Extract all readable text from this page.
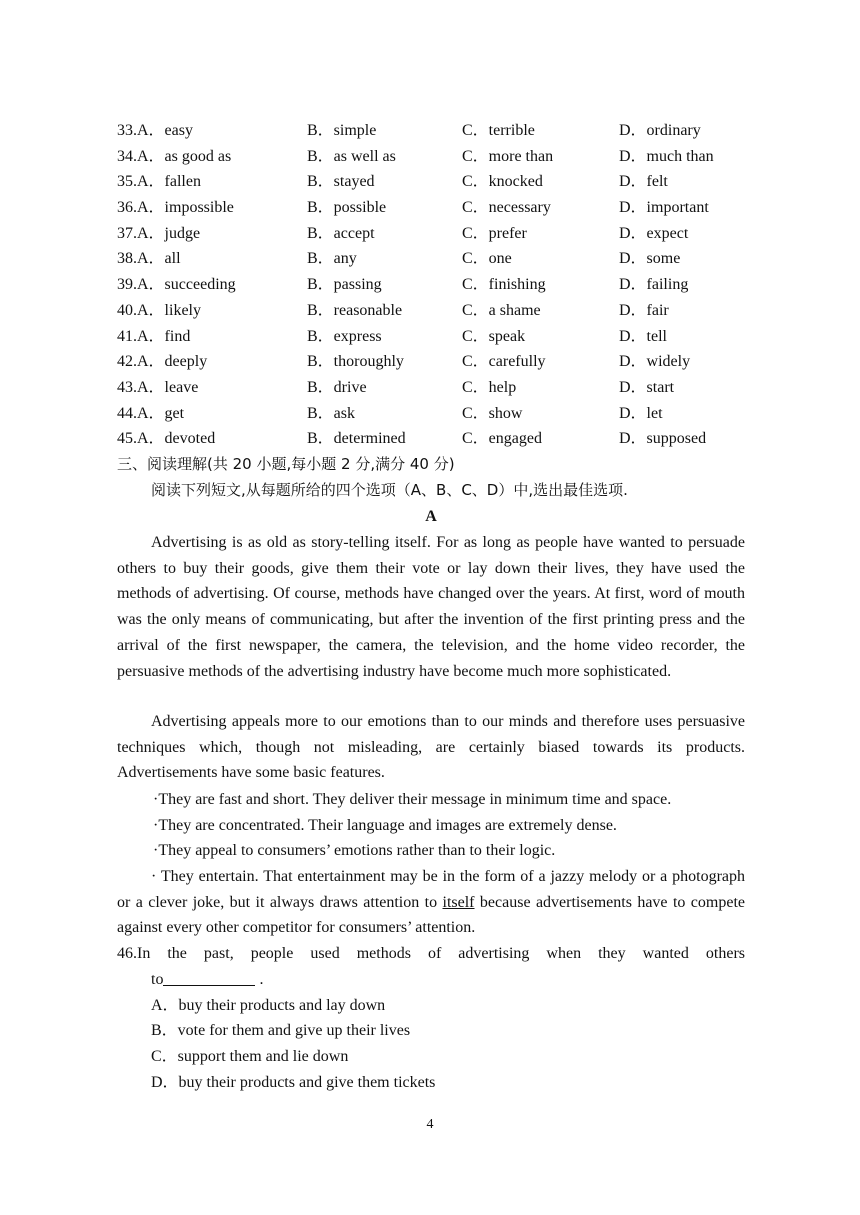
33.A．easy	B．simple	C．terrible	D．ordinary
34.A．as good as	B．as well as	C．more than	D．much than
35.A．fallen	B．stayed	C．knocked	D．felt
36.A．impossible	B．possible	C．necessary	D．important
37.A．judge	B．accept	C．prefer	D．expect
38.A．all	B．any	C．one	D．some
39.A．succeeding	B．passing	C．finishing	D．failing
40.A．likely	B．reasonable	C．a shame	D．fair
41.A．find	B．express	C．speak	D．tell
42.A．deeply	B．thoroughly	C．carefully	D．widely
43.A．leave	B．drive	C．help	D．start
44.A．get	B．ask	C．show	D．let
45.A．devoted	B．determined	C．engaged	D．supposed
三、阅读理解(共 20 小题,每小题 2 分,满分 40 分)
阅读下列短文,从每题所给的四个选项（A、B、C、D）中,选出最佳选项.
A
Advertising is as old as story-telling itself. For as long as people have wanted to persuade others to buy their goods, give them their vote or lay down their lives, they have used the methods of advertising. Of course, methods have changed over the years. At first, word of mouth was the only means of communicating, but after the invention of the first printing press and the arrival of the first newspaper, the camera, the television, and the home video recorder, the persuasive methods of the advertising industry have become much more sophisticated.
Advertising appeals more to our emotions than to our minds and therefore uses persuasive techniques which, though not misleading, are certainly biased towards its products. Advertisements have some basic features.
·They are fast and short. They deliver their message in minimum time and space.
·They are concentrated. Their language and images are extremely dense.
·They appeal to consumers’ emotions rather than to their logic.
· They entertain. That entertainment may be in the form of a jazzy melody or a photograph or a clever joke, but it always draws attention to itself because advertisements have to compete against every other competitor for consumers’ attention.
46.In the past, people used methods of advertising when they wanted others
to	.
A．buy their products and lay down
B．vote for them and give up their lives
C．support them and lie down
D．buy their products and give them tickets
4
